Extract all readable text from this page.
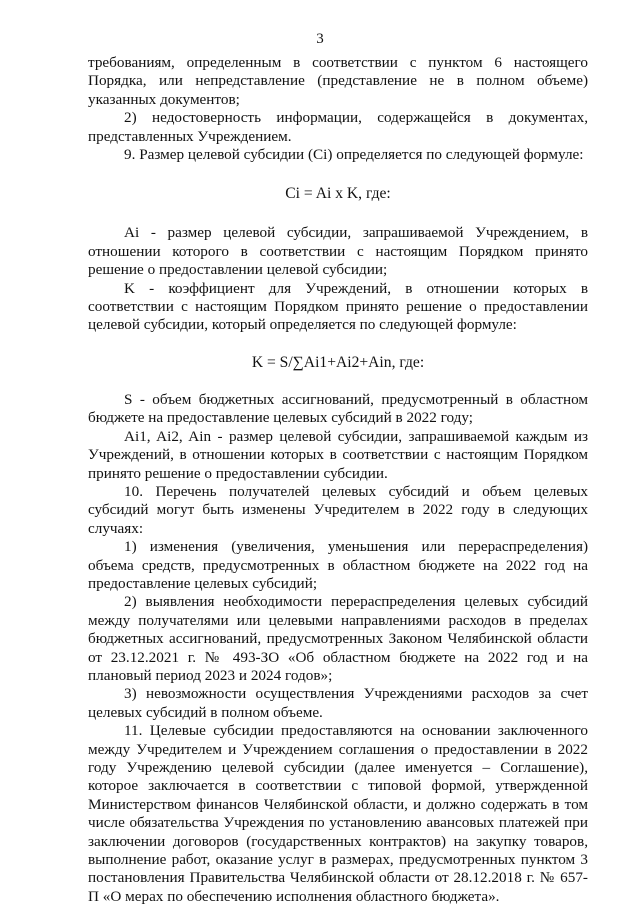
3

требованиям, определенным в соответствии с пунктом 6 настоящего Порядка, или непредставление (представление не в полном объеме) указанных документов;

2) недостоверность информации, содержащейся в документах, представленных Учреждением.

9. Размер целевой субсидии (Ci) определяется по следующей формуле:

Ci = Ai x K, где:

Ai - размер целевой субсидии, запрашиваемой Учреждением, в отношении которого в соответствии с настоящим Порядком принято решение о предоставлении целевой субсидии;

K - коэффициент для Учреждений, в отношении которых в соответствии с настоящим Порядком принято решение о предоставлении целевой субсидии, который определяется по следующей формуле:

K = S/∑Ai1+Ai2+Ain, где:

S - объем бюджетных ассигнований, предусмотренный в областном бюджете на предоставление целевых субсидий в 2022 году;

Ai1, Ai2, Ain - размер целевой субсидии, запрашиваемой каждым из Учреждений, в отношении которых в соответствии с настоящим Порядком принято решение о предоставлении субсидии.

10. Перечень получателей целевых субсидий и объем целевых субсидий могут быть изменены Учредителем в 2022 году в следующих случаях:

1) изменения (увеличения, уменьшения или перераспределения) объема средств, предусмотренных в областном бюджете на 2022 год на предоставление целевых субсидий;

2) выявления необходимости перераспределения целевых субсидий между получателями или целевыми направлениями расходов в пределах бюджетных ассигнований, предусмотренных Законом Челябинской области от 23.12.2021 г. № 493-ЗО «Об областном бюджете на 2022 год и на плановый период 2023 и 2024 годов»;

3) невозможности осуществления Учреждениями расходов за счет целевых субсидий в полном объеме.

11. Целевые субсидии предоставляются на основании заключенного между Учредителем и Учреждением соглашения о предоставлении в 2022 году Учреждению целевой субсидии (далее именуется – Соглашение), которое заключается в соответствии с типовой формой, утвержденной Министерством финансов Челябинской области, и должно содержать в том числе обязательства Учреждения по установлению авансовых платежей при заключении договоров (государственных контрактов) на закупку товаров, выполнение работ, оказание услуг в размерах, предусмотренных пунктом 3 постановления Правительства Челябинской области от 28.12.2018 г. № 657-П «О мерах по обеспечению исполнения областного бюджета».
